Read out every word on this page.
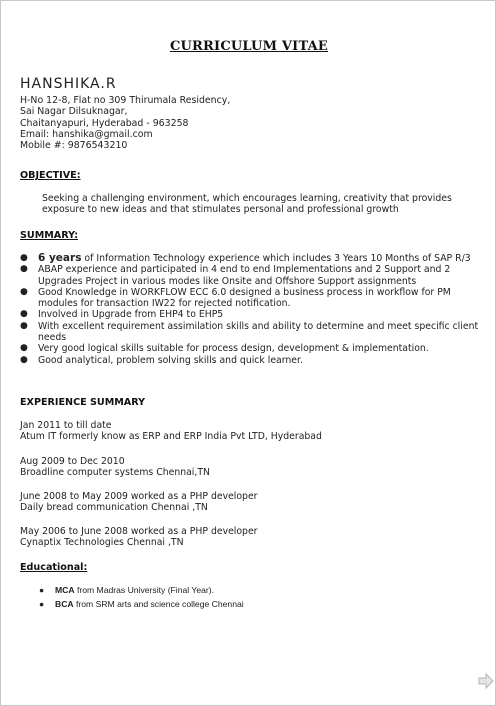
CURRICULUM VITAE
HANSHIKA.R
H-No 12-8, Flat no 309 Thirumala Residency,
Sai Nagar Dilsuknagar,
Chaitanyapuri, Hyderabad - 963258
Email: hanshika@gmail.com
Mobile #: 9876543210
OBJECTIVE:
Seeking a challenging environment, which encourages learning, creativity that provides exposure to new ideas and that stimulates personal and professional growth
SUMMARY:
● 6 years of Information Technology experience which includes 3 Years 10 Months of SAP R/3
● ABAP experience and participated in 4 end to end Implementations and 2 Support and 2 Upgrades Project in various modes like Onsite and Offshore Support assignments
● Good Knowledge in WORKFLOW ECC 6.0 designed a business process in workflow for PM modules for transaction IW22 for rejected notification.
● Involved in Upgrade from EHP4 to EHP5
● With excellent requirement assimilation skills and ability to determine and meet specific client needs
● Very good logical skills suitable for process design, development & implementation.
● Good analytical, problem solving skills and quick learner.
EXPERIENCE SUMMARY
Jan 2011 to till date
Atum IT formerly know as ERP and ERP India Pvt LTD, Hyderabad
Aug 2009 to Dec 2010
Broadline computer systems Chennai,TN
June 2008 to May 2009 worked as a PHP developer
Daily bread communication Chennai ,TN
May 2006 to June 2008 worked as a PHP developer
Cynaptix Technologies Chennai ,TN
Educational:
● MCA from Madras University (Final Year).
● BCA from SRM arts and science college Chennai
